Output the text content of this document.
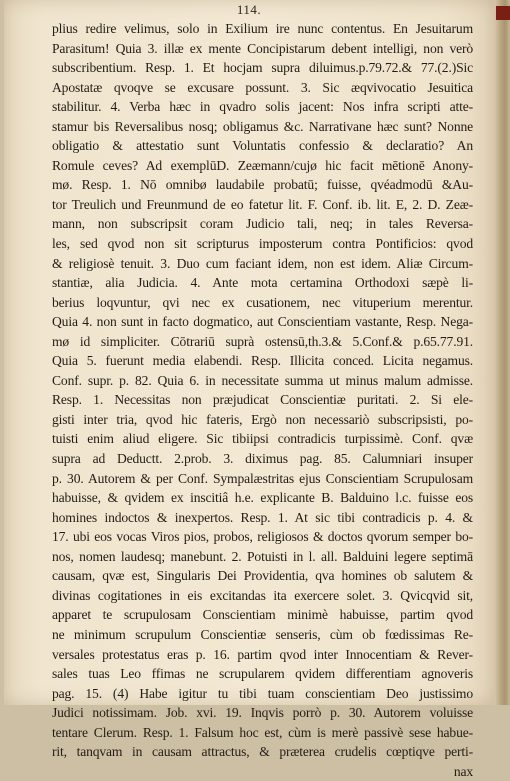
114.
plius redire velimus, solo in Exilium ire nunc contentus. En Jesuitarum
Parasitum! Quia 3. illæ ex mente Concipistarum debent intelligi, non verò
subscribentium. Resp. 1. Et hocjam supra diluimus.p.79.72.& 77.(2.)Sic
Apostatæ qvoqve se excusare possunt. 3. Sic æqvivocatio Jesuitica
stabilitur. 4. Verba hæc in qvadro solis jacent: Nos infra scripti atte-
stamur bis Reversalibus nosq; obligamus &c. Narrativane hæc sunt? Nonne
obligatio & attestatio sunt Voluntatis confessio & declaratio? An
Romule ceves? Ad exemplūD. Zeæmann/cujø hic facit mētionē Anony-
mø. Resp. 1. Nō omnibø laudabile probatū; fuisse, qvéadmodū &Au-
tor Treulich und Freunmund de eo fatetur lit. F. Conf. ib. lit. E, 2. D. Zeæ-
mann, non subscripsit coram Judicio tali, neq; in tales Reversa-
les, sed qvod non sit scripturus imposterum contra Pontificios: qvod
& religiosè tenuit. 3. Duo cum faciant idem, non est idem. Aliæ Circum-
stantiæ, alia Judicia. 4. Ante mota certamina Orthodoxi sæpè li-
berius loqvuntur, qvi nec ex cusationem, nec vituperium merentur.
Quia 4. non sunt in facto dogmatico, aut Conscientiam vastante, Resp. Nega-
mø id simpliciter. Cōtrariū suprà ostensū,th.3.& 5.Conf.& p.65.77.91.
Quia 5. fuerunt media elabendi. Resp. Illicita conced. Licita negamus.
Conf. supr. p. 82. Quia 6. in necessitate summa ut minus malum admisse.
Resp. 1. Necessitas non præjudicat Conscientiæ puritati. 2. Si ele-
gisti inter tria, qvod hic fateris, Ergò non necessariò subscripsisti, po-
tuisti enim aliud eligere. Sic tibiipsi contradicis turpissimè. Conf. qvæ
supra ad Deductt. 2.prob. 3. diximus pag. 85. Calumniari insuper
p. 30. Autorem & per Conf. Sympalæstritas ejus Conscientiam Scrupulosam
habuisse, & qvidem ex inscitiâ h.e. explicante B. Balduino l.c. fuisse eos
homines indoctos & inexpertos. Resp. 1. At sic tibi contradicis p. 4. &
17. ubi eos vocas Viros pios, probos, religiosos & doctos qvorum semper bo-
nos, nomen laudesq; manebunt. 2. Potuisti in l. all. Balduini legere septimā
causam, qvæ est, Singularis Dei Providentia, qva homines ob salutem &
divinas cogitationes in eis excitandas ita exercere solet. 3. Qvicqvid sit,
apparet te scrupulosam Conscientiam minimè habuisse, partim qvod
ne minimum scrupulum Conscientiæ senseris, cùm ob fœdissimas Re-
versales protestatus eras p. 16. partim qvod inter Innocentiam & Rever-
sales tuas Leo ffimas ne scrupularem qvidem differentiam agnoveris
pag. 15. (4) Habe igitur tu tibi tuam conscientiam Deo justissimo
Judici notissimam. Job. xvi. 19. Inqvis porrò p. 30. Autorem voluisse
tentare Clerum. Resp. 1. Falsum hoc est, cùm is merè passivè sese habue-
rit, tanqvam in causam attractus, & præterea crudelis cœptiqve perti-
nax
